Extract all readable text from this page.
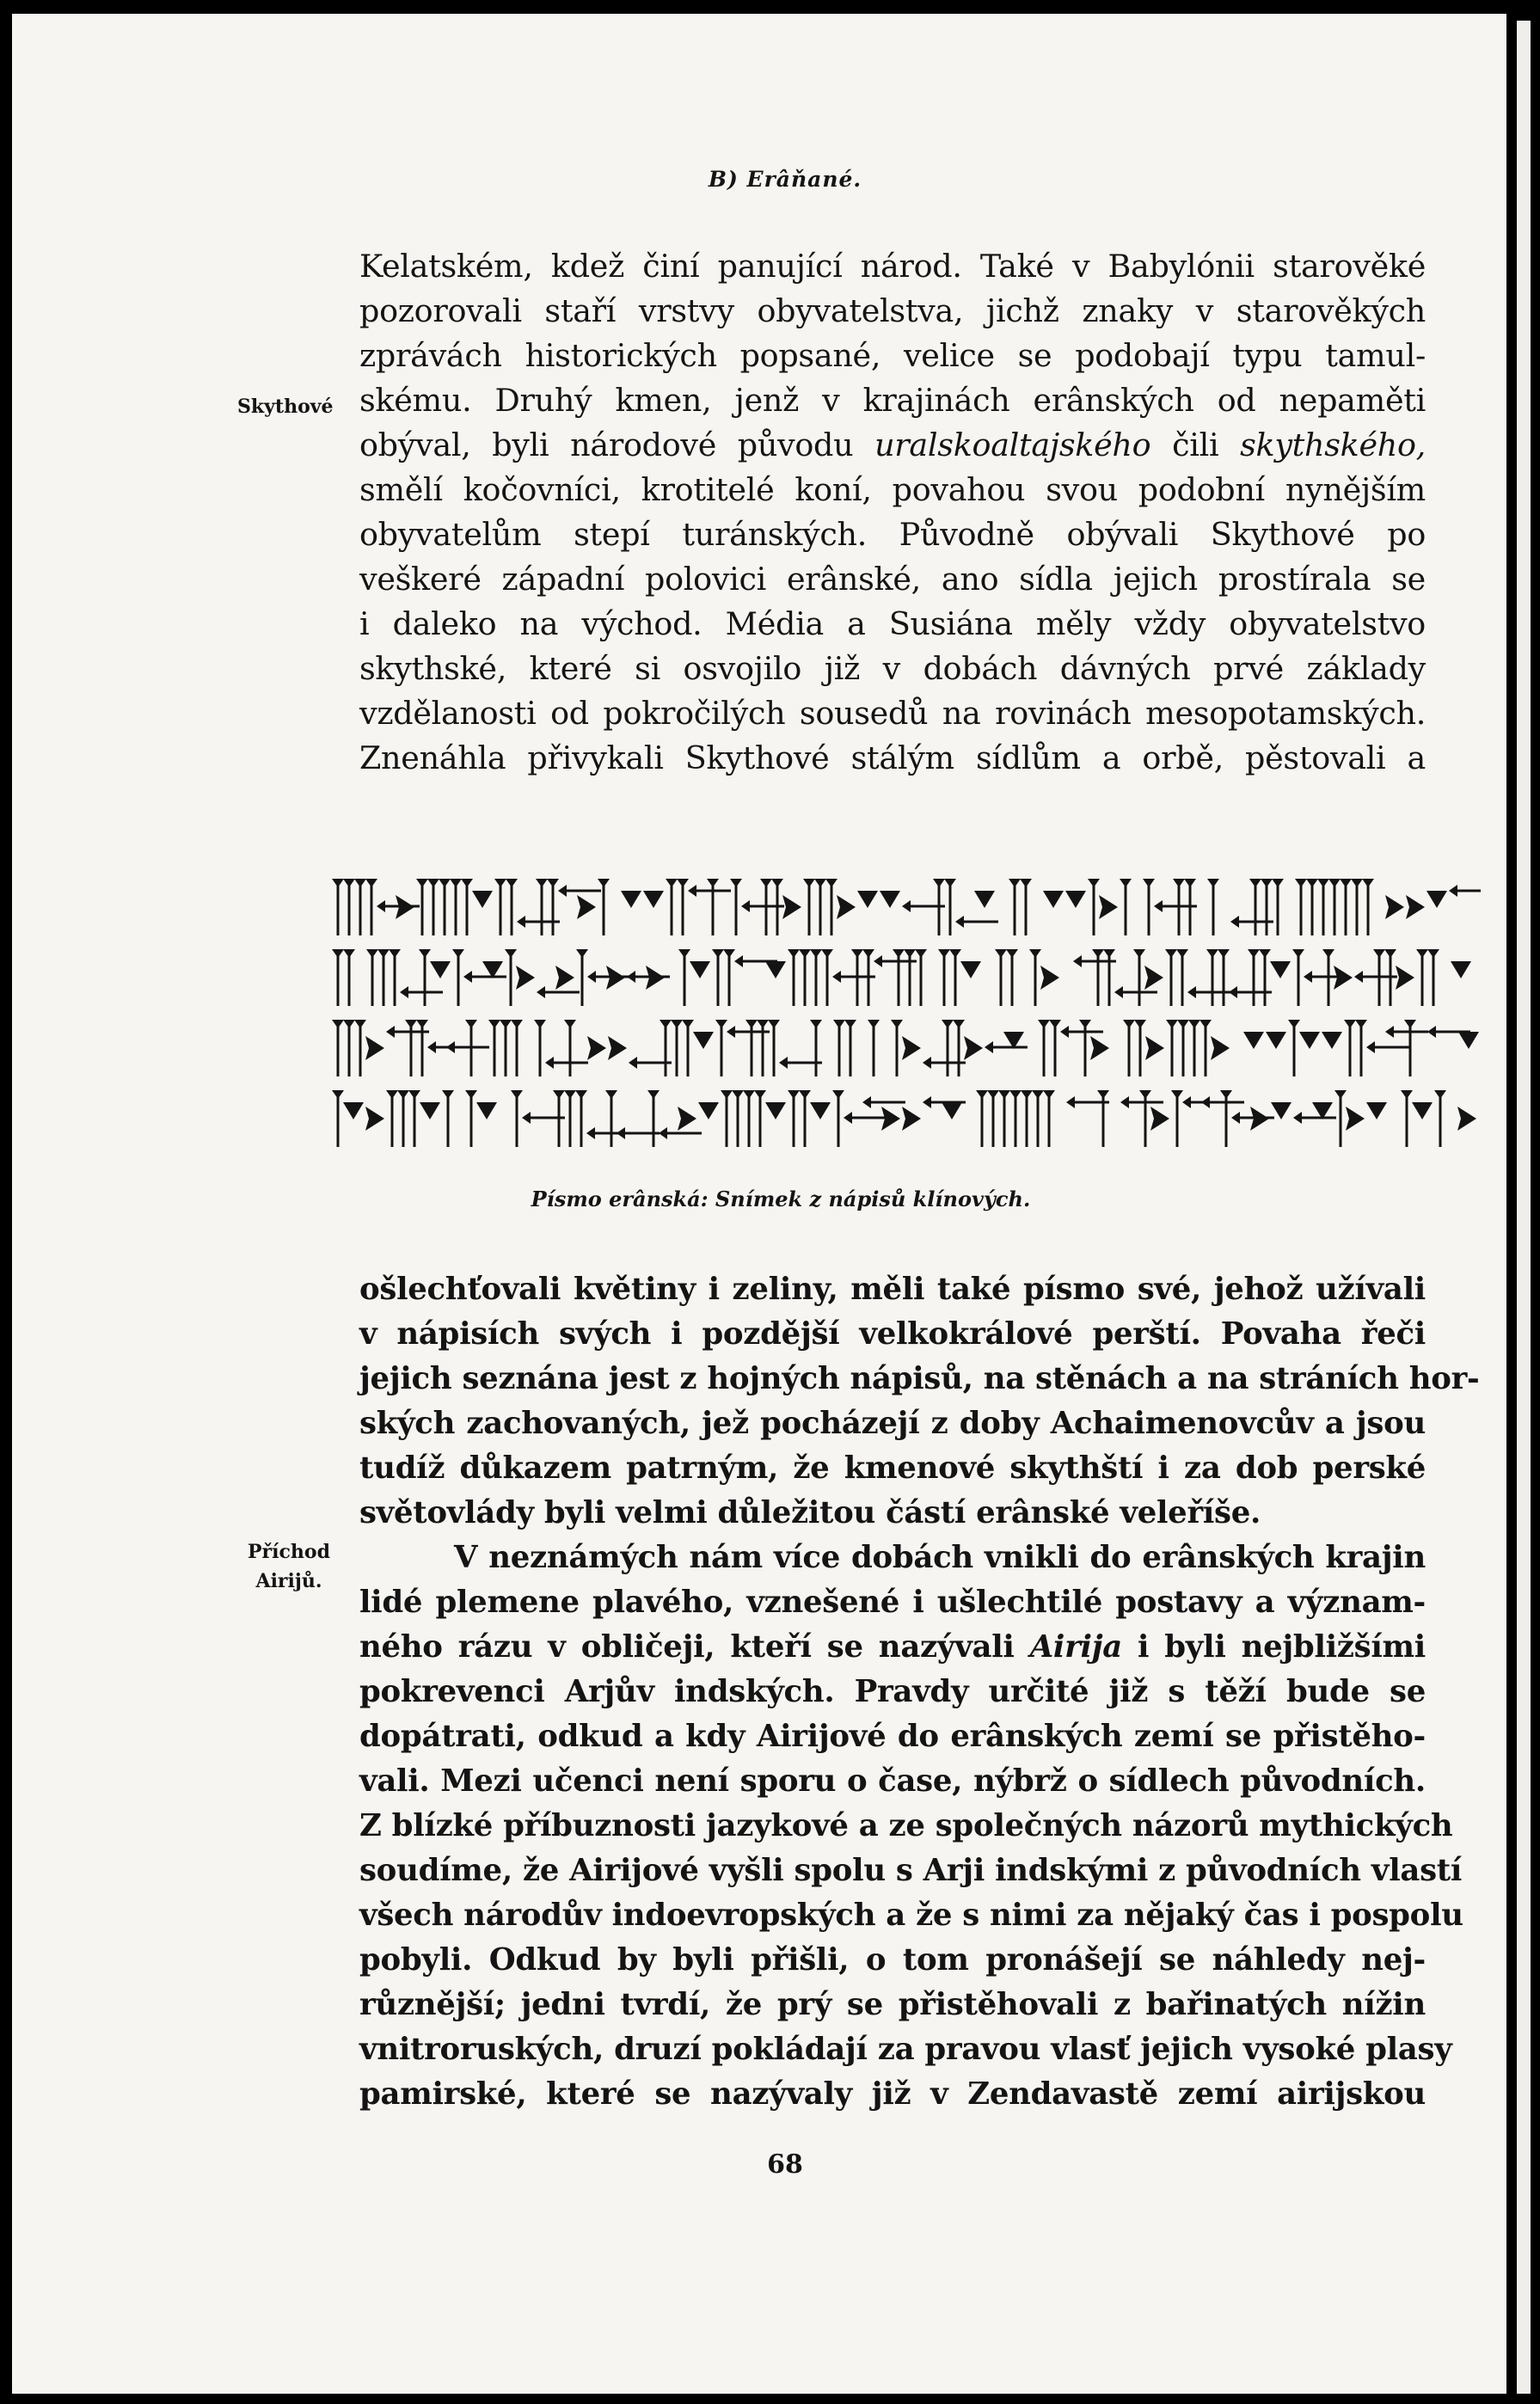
B) Erâňané.
Skythové
Kelatském, kdež činí panující národ. Také v Babylónii starověké
pozorovali staří vrstvy obyvatelstva, jichž znaky v starověkých
zprávách historických popsané, velice se podobají typu tamul-
skému. Druhý kmen, jenž v krajinách erânských od nepaměti
obýval, byli národové původu uralskoaltajského čili skythského,
smělí kočovníci, krotitelé koní, povahou svou podobní nynějším
obyvatelům stepí turánských. Původně obývali Skythové po
veškeré západní polovici erânské, ano sídla jejich prostírala se
i daleko na východ. Média a Susiána měly vždy obyvatelstvo
skythské, které si osvojilo již v dobách dávných prvé základy
vzdělanosti od pokročilých sousedů na rovinách mesopotamských.
Znenáhla přivykali Skythové stálým sídlům a orbě, pěstovali a
Písmo erânská: Snímek z nápisů klínových.
ošlechťovali květiny i zeliny, měli také písmo své, jehož užívali
v nápisích svých i pozdější velkokrálové perští. Povaha řeči
jejich seznána jest z hojných nápisů, na stěnách a na stráních hor-
ských zachovaných, jež pocházejí z doby Achaimenovcův a jsou
tudíž důkazem patrným, že kmenové skythští i za dob perské
světovlády byli velmi důležitou částí erânské veleříše.
V neznámých nám více dobách vnikli do erânských krajin
lidé plemene plavého, vznešené i ušlechtilé postavy a význam-
ného rázu v obličeji, kteří se nazývali Airija i byli nejbližšími
pokrevenci Arjův indských. Pravdy určité již s těží bude se
dopátrati, odkud a kdy Airijové do erânských zemí se přistěho-
vali. Mezi učenci není sporu o čase, nýbrž o sídlech původních.
Z blízké příbuznosti jazykové a ze společných názorů mythických
soudíme, že Airijové vyšli spolu s Arji indskými z původních vlastí
všech národův indoevropských a že s nimi za nějaký čas i pospolu
pobyli. Odkud by byli přišli, o tom pronášejí se náhledy nej-
různější; jedni tvrdí, že prý se přistěhovali z bařinatých nížin
vnitroruských, druzí pokládají za pravou vlasť jejich vysoké plasy
pamirské, které se nazývaly již v Zendavastě zemí airijskou
Příchod
Airijů.
68
